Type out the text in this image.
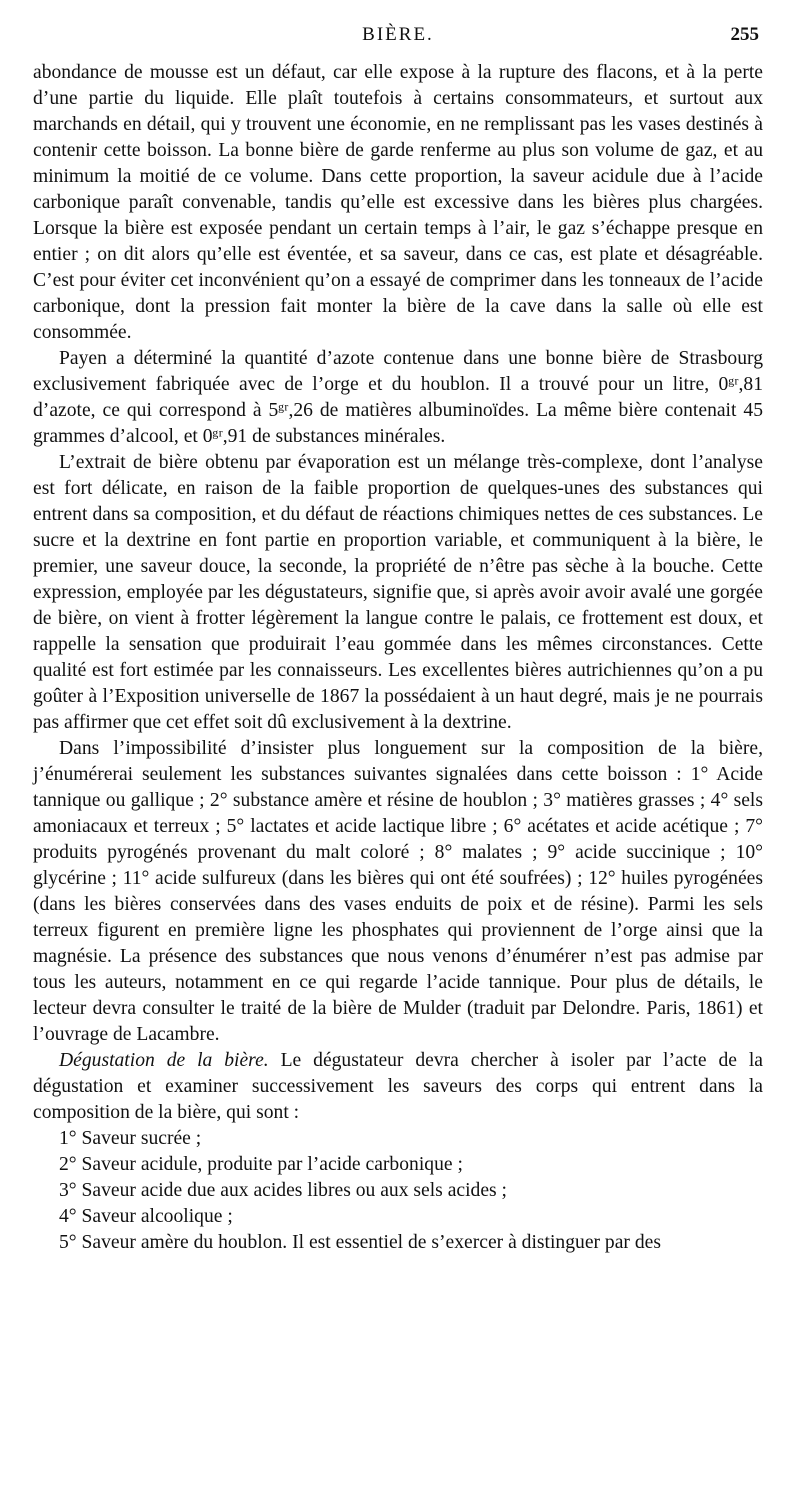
BIÈRE.	255

abondance de mousse est un défaut, car elle expose à la rupture des flacons, et à la perte d’une partie du liquide. Elle plaît toutefois à certains consommateurs, et surtout aux marchands en détail, qui y trouvent une économie, en ne remplissant pas les vases destinés à contenir cette boisson. La bonne bière de garde renferme au plus son volume de gaz, et au minimum la moitié de ce volume. Dans cette proportion, la saveur acidule due à l’acide carbonique paraît convenable, tandis qu’elle est excessive dans les bières plus chargées. Lorsque la bière est exposée pendant un certain temps à l’air, le gaz s’échappe presque en entier ; on dit alors qu’elle est éventée, et sa saveur, dans ce cas, est plate et désagréable. C’est pour éviter cet inconvénient qu’on a essayé de comprimer dans les tonneaux de l’acide carbonique, dont la pression fait monter la bière de la cave dans la salle où elle est consommée.

Payen a déterminé la quantité d’azote contenue dans une bonne bière de Strasbourg exclusivement fabriquée avec de l’orge et du houblon. Il a trouvé pour un litre, 0ᵍʳ,81 d’azote, ce qui correspond à 5ᵍʳ,26 de matières albuminoïdes. La même bière contenait 45 grammes d’alcool, et 0ᵍʳ,91 de substances minérales.

L’extrait de bière obtenu par évaporation est un mélange très-complexe, dont l’analyse est fort délicate, en raison de la faible proportion de quelques-unes des substances qui entrent dans sa composition, et du défaut de réactions chimiques nettes de ces substances. Le sucre et la dextrine en font partie en proportion variable, et communiquent à la bière, le premier, une saveur douce, la seconde, la propriété de n’être pas sèche à la bouche. Cette expression, employée par les dégustateurs, signifie que, si après avoir avoir avalé une gorgée de bière, on vient à frotter légèrement la langue contre le palais, ce frottement est doux, et rappelle la sensation que produirait l’eau gommée dans les mêmes circonstances. Cette qualité est fort estimée par les connaisseurs. Les excellentes bières autrichiennes qu’on a pu goûter à l’Exposition universelle de 1867 la possédaient à un haut degré, mais je ne pourrais pas affirmer que cet effet soit dû exclusivement à la dextrine.

Dans l’impossibilité d’insister plus longuement sur la composition de la bière, j’énumérerai seulement les substances suivantes signalées dans cette boisson : 1° Acide tannique ou gallique ; 2° substance amère et résine de houblon ; 3° matières grasses ; 4° sels amoniacaux et terreux ; 5° lactates et acide lactique libre ; 6° acétates et acide acétique ; 7° produits pyrogénés provenant du malt coloré ; 8° malates ; 9° acide succinique ; 10° glycérine ; 11° acide sulfureux (dans les bières qui ont été soufrées) ; 12° huiles pyrogénées (dans les bières conservées dans des vases enduits de poix et de résine). Parmi les sels terreux figurent en première ligne les phosphates qui proviennent de l’orge ainsi que la magnésie. La présence des substances que nous venons d’énumérer n’est pas admise par tous les auteurs, notamment en ce qui regarde l’acide tannique. Pour plus de détails, le lecteur devra consulter le traité de la bière de Mulder (traduit par Delondre. Paris, 1861) et l’ouvrage de Lacambre.

Dégustation de la bière. Le dégustateur devra chercher à isoler par l’acte de la dégustation et examiner successivement les saveurs des corps qui entrent dans la composition de la bière, qui sont :

1° Saveur sucrée ;

2° Saveur acidule, produite par l’acide carbonique ;

3° Saveur acide due aux acides libres ou aux sels acides ;

4° Saveur alcoolique ;

5° Saveur amère du houblon. Il est essentiel de s’exercer à distinguer par des
